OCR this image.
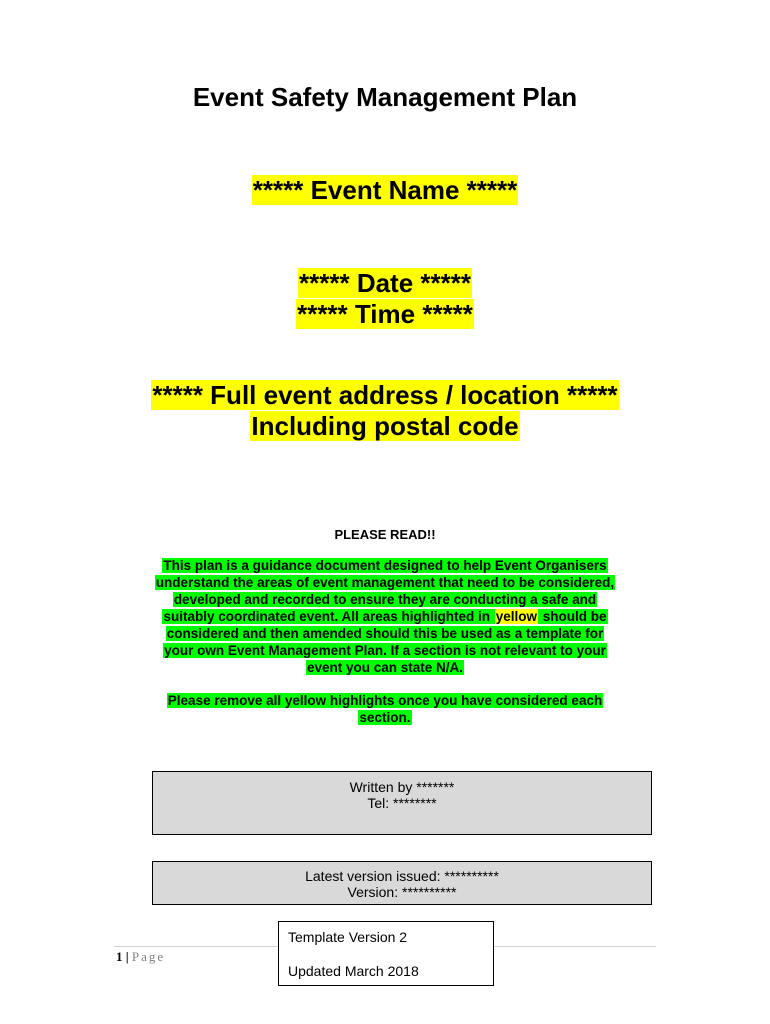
Event Safety Management Plan
***** Event Name *****
***** Date *****
***** Time *****
***** Full event address / location *****
Including postal code
PLEASE READ!!
This plan is a guidance document designed to help Event Organisers
understand the areas of event management that need to be considered,
developed and recorded to ensure they are conducting a safe and
suitably coordinated event. All areas highlighted in yellow should be
considered and then amended should this be used as a template for
your own Event Management Plan. If a section is not relevant to your
event you can state N/A.
Please remove all yellow highlights once you have considered each
section.
Written by *******
Tel: ********
Latest version issued: **********
Version: **********
1 | Page
Template Version 2
Updated March 2018
